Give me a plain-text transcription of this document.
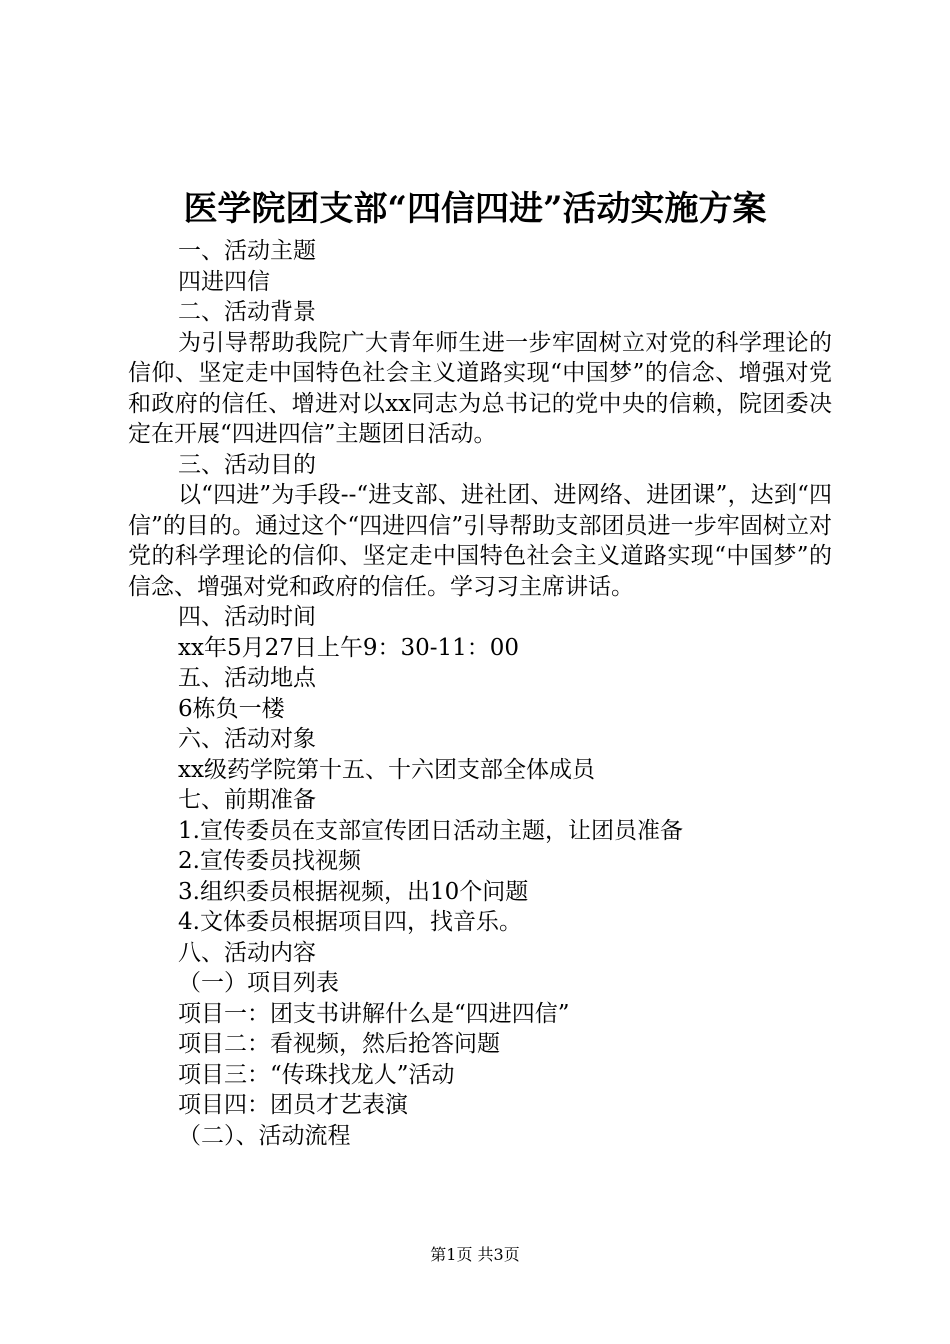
医学院团支部“四信四进”活动实施方案
一、活动主题
四进四信
二、活动背景
为引导帮助我院广大青年师生进一步牢固树立对党的科学理论的信仰、坚定走中国特色社会主义道路实现“中国梦”的信念、增强对党和政府的信任、增进对以xx同志为总书记的党中央的信赖，院团委决定在开展“四进四信”主题团日活动。
三、活动目的
以“四进”为手段--“进支部、进社团、进网络、进团课”，达到“四信”的目的。通过这个“四进四信”引导帮助支部团员进一步牢固树立对党的科学理论的信仰、坚定走中国特色社会主义道路实现“中国梦”的信念、增强对党和政府的信任。学习习主席讲话。
四、活动时间
xx年5月27日上午9：30-11：00
五、活动地点
6栋负一楼
六、活动对象
xx级药学院第十五、十六团支部全体成员
七、前期准备
1.宣传委员在支部宣传团日活动主题，让团员准备
2.宣传委员找视频
3.组织委员根据视频，出10个问题
4.文体委员根据项目四，找音乐。
八、活动内容
（一）项目列表
项目一：团支书讲解什么是“四进四信”
项目二：看视频，然后抢答问题
项目三：“传珠找龙人”活动
项目四：团员才艺表演
（二）、活动流程
第1页 共3页
